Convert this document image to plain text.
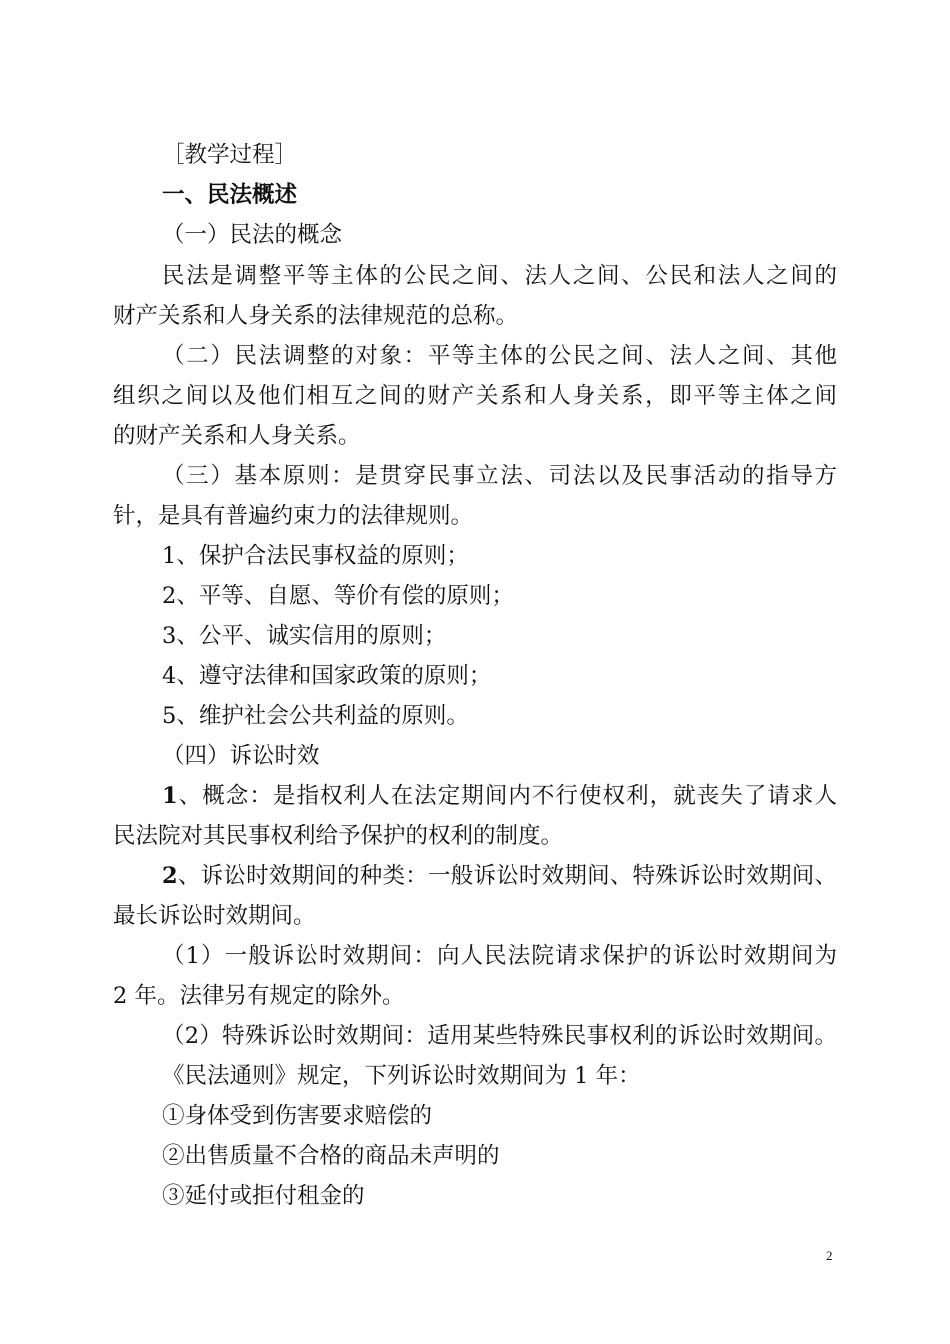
［教学过程］
一、民法概述
（一）民法的概念
民法是调整平等主体的公民之间、法人之间、公民和法人之间的
财产关系和人身关系的法律规范的总称。
（二）民法调整的对象：平等主体的公民之间、法人之间、其他
组织之间以及他们相互之间的财产关系和人身关系，即平等主体之间
的财产关系和人身关系。
（三）基本原则：是贯穿民事立法、司法以及民事活动的指导方
针，是具有普遍约束力的法律规则。
1、保护合法民事权益的原则；
2、平等、自愿、等价有偿的原则；
3、公平、诚实信用的原则；
4、遵守法律和国家政策的原则；
5、维护社会公共利益的原则。
（四）诉讼时效
1、概念：是指权利人在法定期间内不行使权利，就丧失了请求人
民法院对其民事权利给予保护的权利的制度。
2、诉讼时效期间的种类：一般诉讼时效期间、特殊诉讼时效期间、
最长诉讼时效期间。
（1）一般诉讼时效期间：向人民法院请求保护的诉讼时效期间为
2 年。法律另有规定的除外。
（2）特殊诉讼时效期间：适用某些特殊民事权利的诉讼时效期间。
《民法通则》规定，下列诉讼时效期间为 1 年：
①身体受到伤害要求赔偿的
②出售质量不合格的商品未声明的
③延付或拒付租金的
2
